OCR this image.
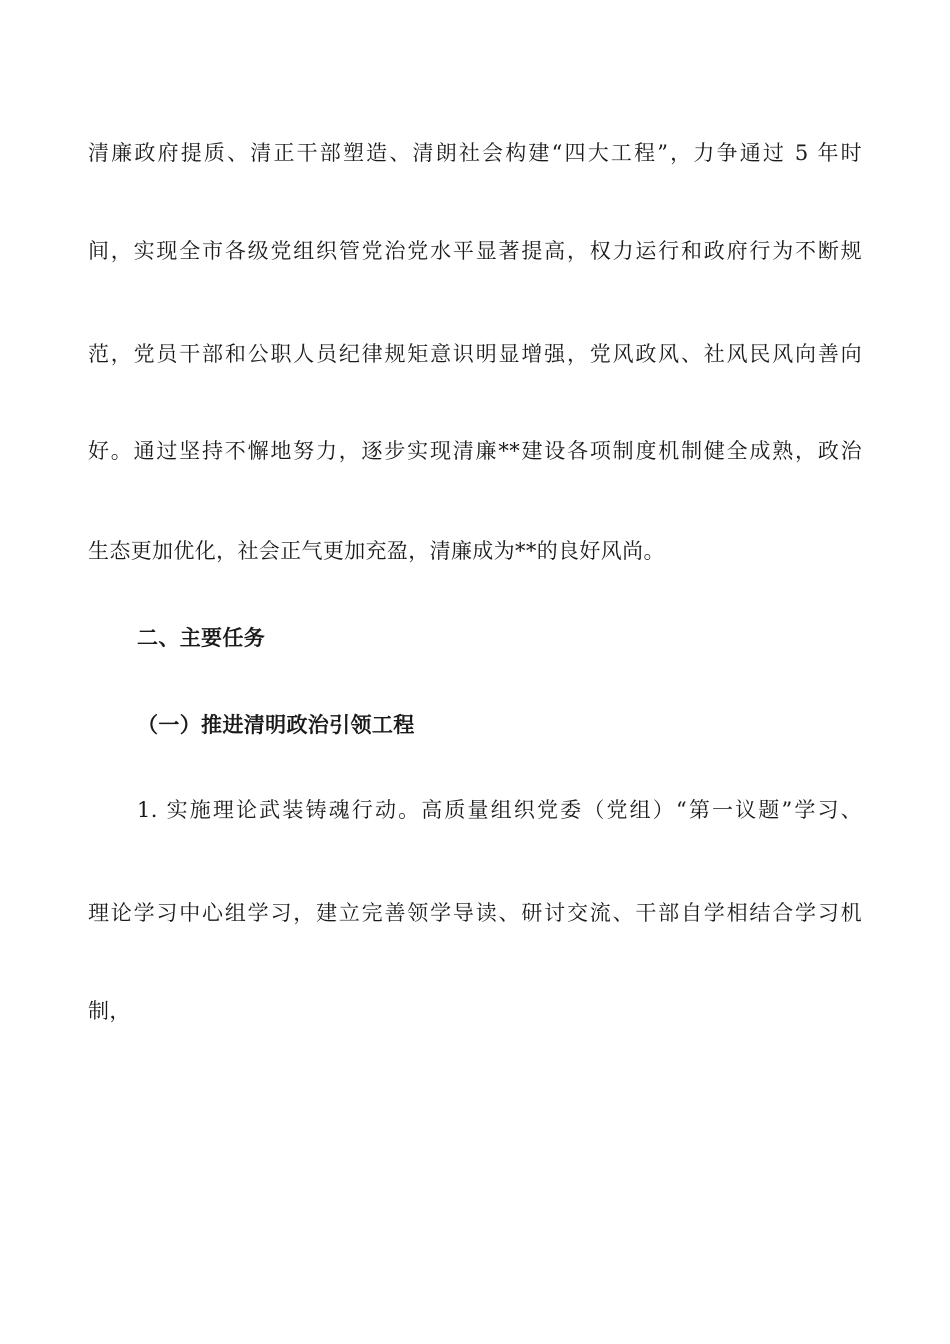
清廉政府提质、清正干部塑造、清朗社会构建“四大工程”，力争通过 5 年时
间，实现全市各级党组织管党治党水平显著提高，权力运行和政府行为不断规
范，党员干部和公职人员纪律规矩意识明显增强，党风政风、社风民风向善向
好。通过坚持不懈地努力，逐步实现清廉**建设各项制度机制健全成熟，政治
生态更加优化，社会正气更加充盈，清廉成为**的良好风尚。
二、主要任务
（一）推进清明政治引领工程
1. 实施理论武装铸魂行动。高质量组织党委（党组）“第一议题”学习、
理论学习中心组学习，建立完善领学导读、研讨交流、干部自学相结合学习机
制，
